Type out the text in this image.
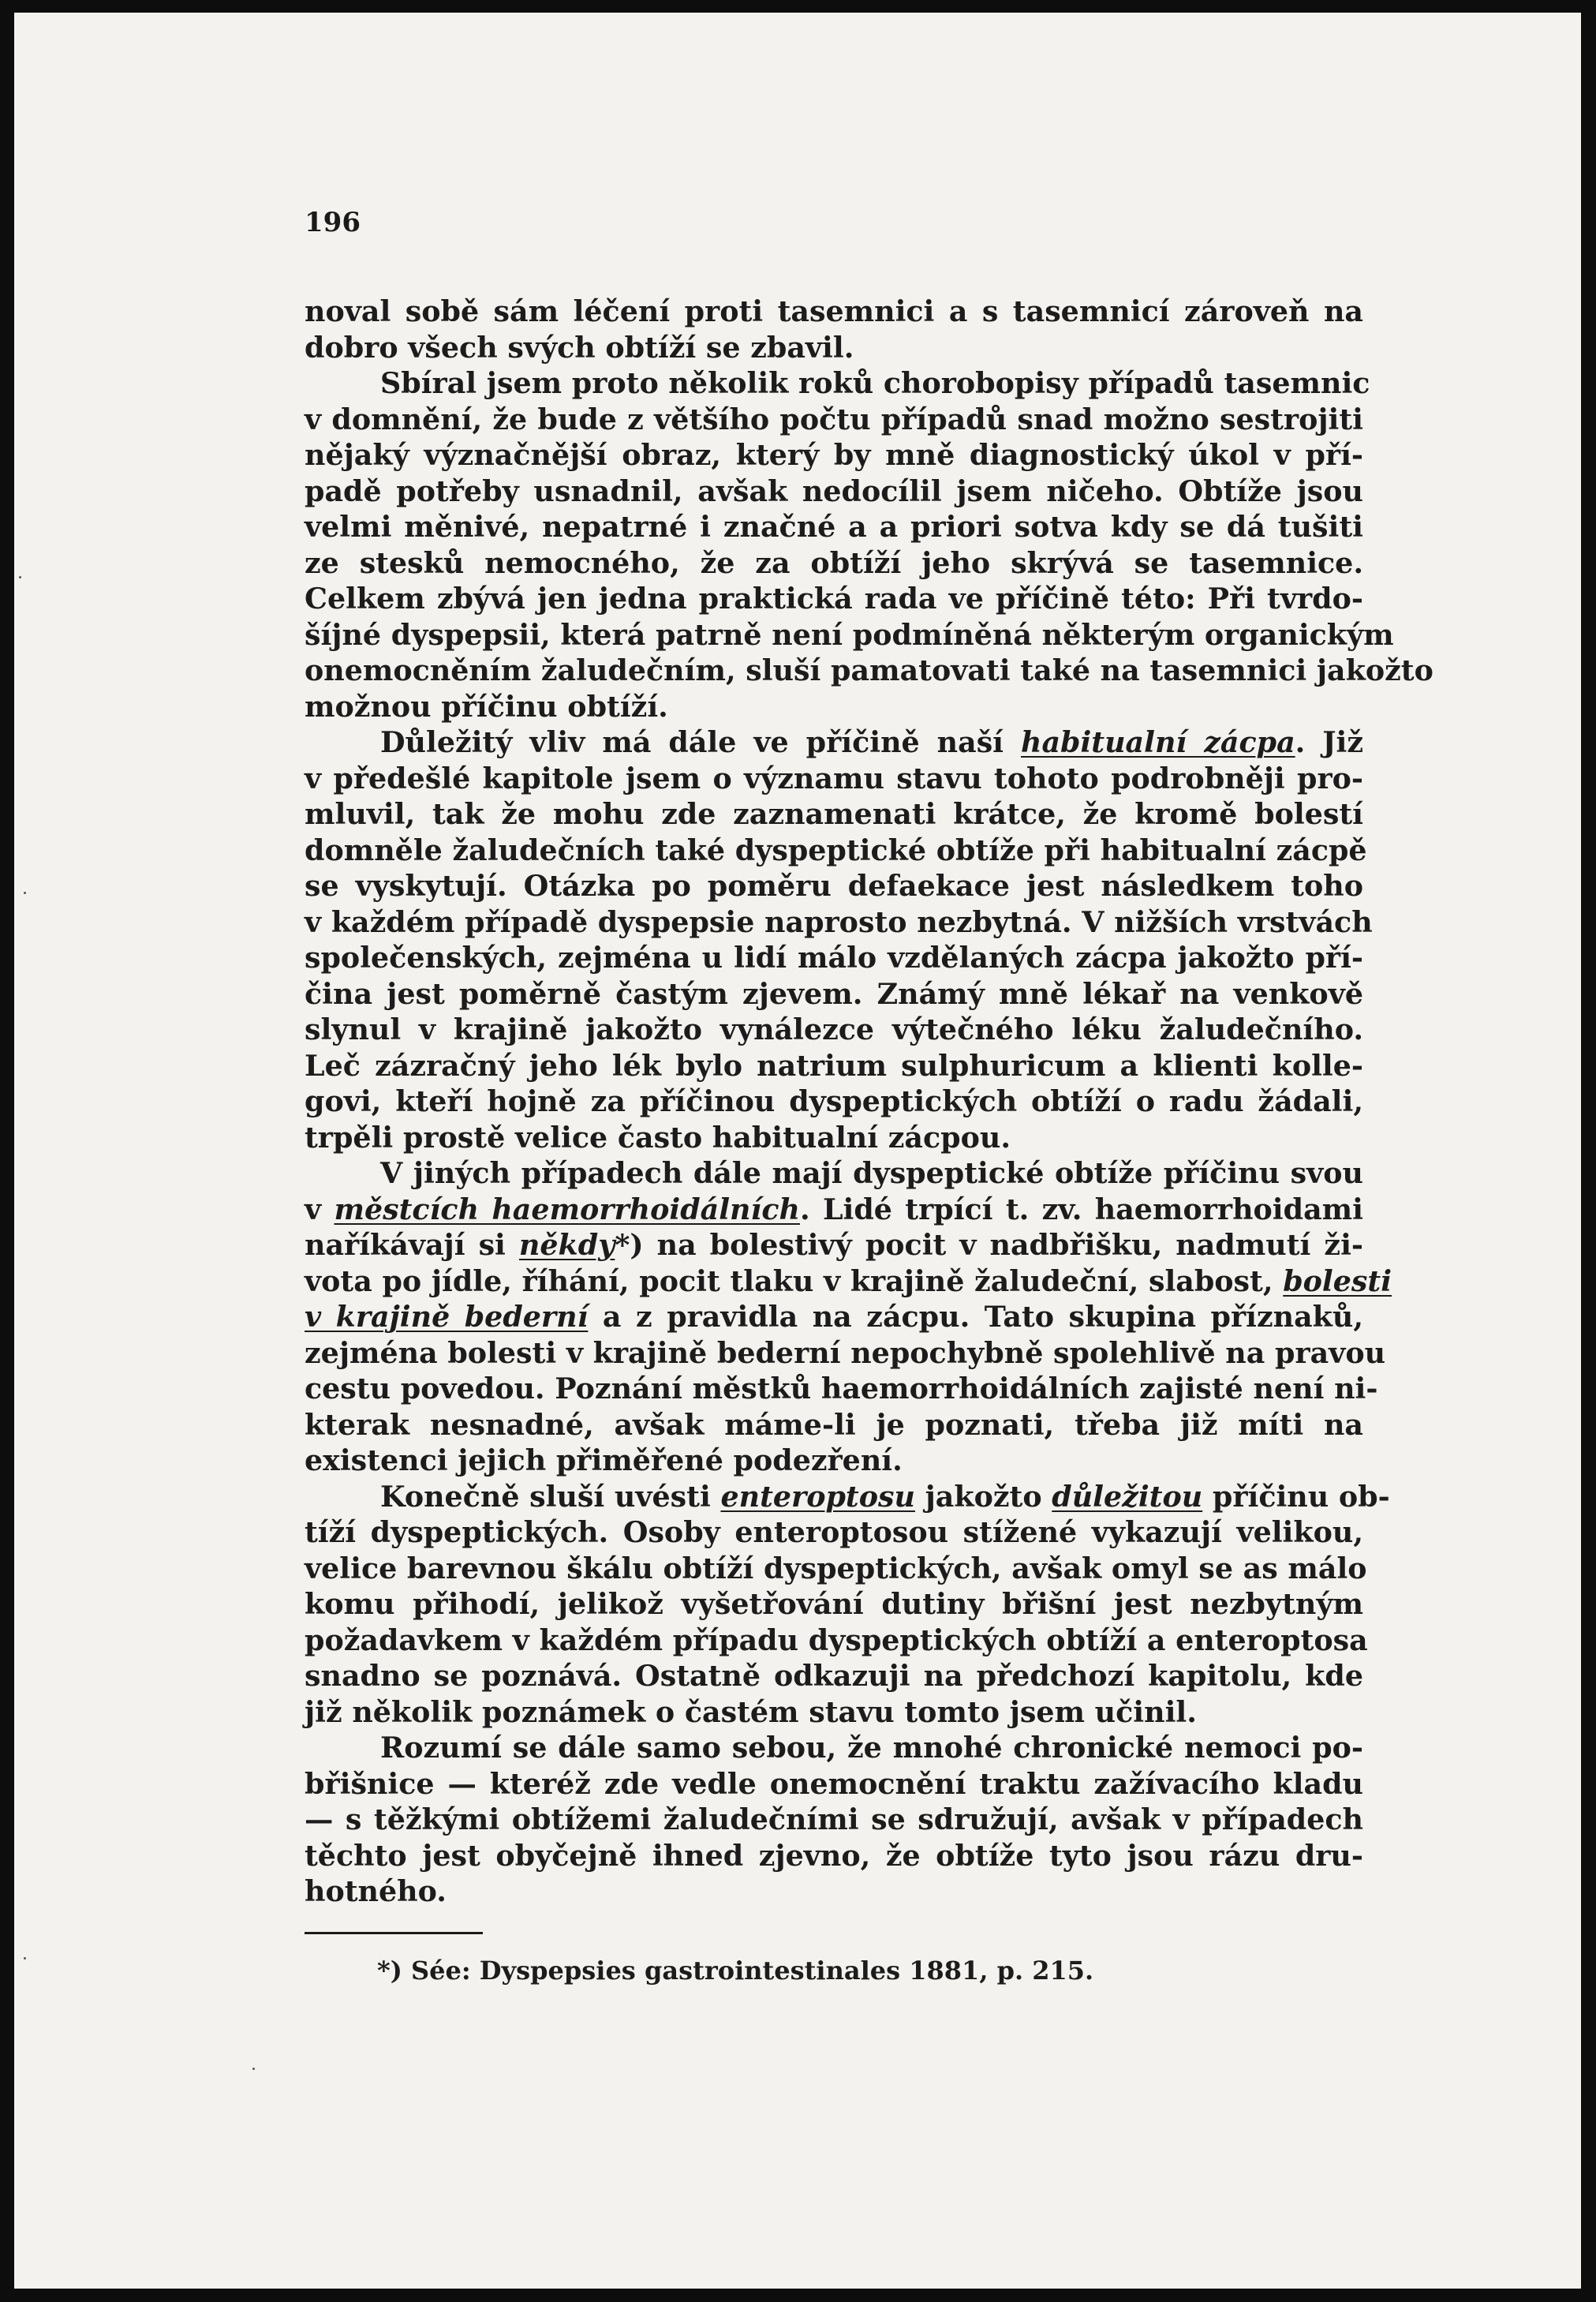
196

noval sobě sám léčení proti tasemnici a s tasemnicí zároveň na
dobro všech svých obtíží se zbavil.
Sbíral jsem proto několik roků chorobopisy případů tasemnic
v domnění, že bude z většího počtu případů snad možno sestrojiti
nějaký význačnější obraz, který by mně diagnostický úkol v pří-
padě potřeby usnadnil, avšak nedocílil jsem ničeho. Obtíže jsou
velmi měnivé, nepatrné i značné a a priori sotva kdy se dá tušiti
ze stesků nemocného, že za obtíží jeho skrývá se tasemnice.
Celkem zbývá jen jedna praktická rada ve příčině této: Při tvrdo-
šíjné dyspepsii, která patrně není podmíněná některým organickým
onemocněním žaludečním, sluší pamatovati také na tasemnici jakožto
možnou příčinu obtíží.
Důležitý vliv má dále ve příčině naší habitualní zácpa. Již
v předešlé kapitole jsem o významu stavu tohoto podrobněji pro-
mluvil, tak že mohu zde zaznamenati krátce, že kromě bolestí
domněle žaludečních také dyspeptické obtíže při habitualní zácpě
se vyskytují. Otázka po poměru defaekace jest následkem toho
v každém případě dyspepsie naprosto nezbytná. V nižších vrstvách
společenských, zejména u lidí málo vzdělaných zácpa jakožto pří-
čina jest poměrně častým zjevem. Známý mně lékař na venkově
slynul v krajině jakožto vynálezce výtečného léku žaludečního.
Leč zázračný jeho lék bylo natrium sulphuricum a klienti kolle-
govi, kteří hojně za příčinou dyspeptických obtíží o radu žádali,
trpěli prostě velice často habitualní zácpou.
V jiných případech dále mají dyspeptické obtíže příčinu svou
v městcích haemorrhoidálních. Lidé trpící t. zv. haemorrhoidami
naříkávají si někdy*) na bolestivý pocit v nadbřišku, nadmutí ži-
vota po jídle, říhání, pocit tlaku v krajině žaludeční, slabost, bolesti
v krajině bederní a z pravidla na zácpu. Tato skupina příznaků,
zejména bolesti v krajině bederní nepochybně spolehlivě na pravou
cestu povedou. Poznání městků haemorrhoidálních zajisté není ni-
kterak nesnadné, avšak máme-li je poznati, třeba již míti na
existenci jejich přiměřené podezření.
Konečně sluší uvésti enteroptosu jakožto důležitou příčinu ob-
tíží dyspeptických. Osoby enteroptosou stížené vykazují velikou,
velice barevnou škálu obtíží dyspeptických, avšak omyl se as málo
komu přihodí, jelikož vyšetřování dutiny břišní jest nezbytným
požadavkem v každém případu dyspeptických obtíží a enteroptosa
snadno se poznává. Ostatně odkazuji na předchozí kapitolu, kde
již několik poznámek o častém stavu tomto jsem učinil.
Rozumí se dále samo sebou, že mnohé chronické nemoci po-
břišnice — kteréž zde vedle onemocnění traktu zažívacího kladu
— s těžkými obtížemi žaludečními se sdružují, avšak v případech
těchto jest obyčejně ihned zjevno, že obtíže tyto jsou rázu dru-
hotného.

*) Sée: Dyspepsies gastrointestinales 1881, p. 215.
